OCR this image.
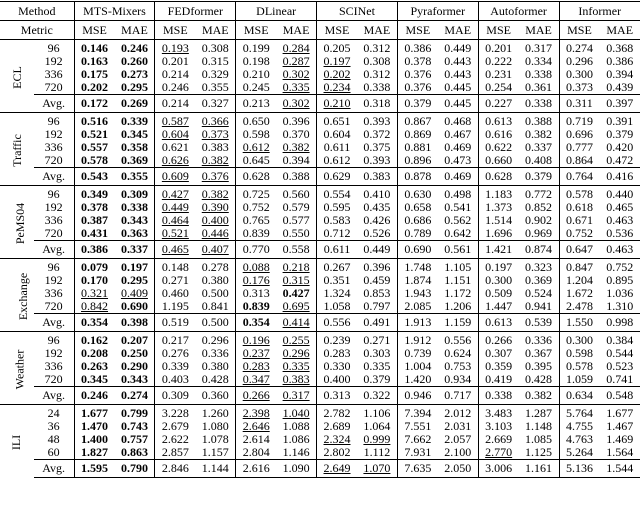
Method		MTS-Mixers		FEDformer		DLinear		SCINet		Pyraformer		Autoformer		Informer	
Metric		MSE	MAE	MSE	MAE	MSE	MAE	MSE	MAE	MSE	MAE	MSE	MAE	MSE	MAE
ECL	96	0.146	0.246	0.193	0.308	0.199	0.284	0.205	0.312	0.386	0.449	0.201	0.317	0.274	0.368
	192	0.163	0.260	0.201	0.315	0.198	0.287	0.197	0.308	0.378	0.443	0.222	0.334	0.296	0.386
	336	0.175	0.273	0.214	0.329	0.210	0.302	0.202	0.312	0.376	0.443	0.231	0.338	0.300	0.394
	720	0.202	0.295	0.246	0.355	0.245	0.335	0.234	0.338	0.376	0.445	0.254	0.361	0.373	0.439
	Avg.	0.172	0.269	0.214	0.327	0.213	0.302	0.210	0.318	0.379	0.445	0.227	0.338	0.311	0.397
Traffic	96	0.516	0.339	0.587	0.366	0.650	0.396	0.651	0.393	0.867	0.468	0.613	0.388	0.719	0.391
	192	0.521	0.345	0.604	0.373	0.598	0.370	0.604	0.372	0.869	0.467	0.616	0.382	0.696	0.379
	336	0.557	0.358	0.621	0.383	0.612	0.382	0.611	0.375	0.881	0.469	0.622	0.337	0.777	0.420
	720	0.578	0.369	0.626	0.382	0.645	0.394	0.612	0.393	0.896	0.473	0.660	0.408	0.864	0.472
	Avg.	0.543	0.355	0.609	0.376	0.628	0.388	0.629	0.383	0.878	0.469	0.628	0.379	0.764	0.416
PeMS04	96	0.349	0.309	0.427	0.382	0.725	0.560	0.554	0.410	0.630	0.498	1.183	0.772	0.578	0.440
	192	0.378	0.338	0.449	0.390	0.752	0.579	0.595	0.435	0.658	0.541	1.373	0.852	0.618	0.465
	336	0.387	0.343	0.464	0.400	0.765	0.577	0.583	0.426	0.686	0.562	1.514	0.902	0.671	0.463
	720	0.431	0.363	0.521	0.446	0.839	0.550	0.712	0.526	0.789	0.642	1.696	0.969	0.752	0.536
	Avg.	0.386	0.337	0.465	0.407	0.770	0.558	0.611	0.449	0.690	0.561	1.421	0.874	0.647	0.463
Exchange	96	0.079	0.197	0.148	0.278	0.088	0.218	0.267	0.396	1.748	1.105	0.197	0.323	0.847	0.752
	192	0.170	0.295	0.271	0.380	0.176	0.315	0.351	0.459	1.874	1.151	0.300	0.369	1.204	0.895
	336	0.321	0.409	0.460	0.500	0.313	0.427	1.324	0.853	1.943	1.172	0.509	0.524	1.672	1.036
	720	0.842	0.690	1.195	0.841	0.839	0.695	1.058	0.797	2.085	1.206	1.447	0.941	2.478	1.310
	Avg.	0.354	0.398	0.519	0.500	0.354	0.414	0.556	0.491	1.913	1.159	0.613	0.539	1.550	0.998
Weather	96	0.162	0.207	0.217	0.296	0.196	0.255	0.239	0.271	1.912	0.556	0.266	0.336	0.300	0.384
	192	0.208	0.250	0.276	0.336	0.237	0.296	0.283	0.303	0.739	0.624	0.307	0.367	0.598	0.544
	336	0.263	0.290	0.339	0.380	0.283	0.335	0.330	0.335	1.004	0.753	0.359	0.395	0.578	0.523
	720	0.345	0.343	0.403	0.428	0.347	0.383	0.400	0.379	1.420	0.934	0.419	0.428	1.059	0.741
	Avg.	0.246	0.274	0.309	0.360	0.266	0.317	0.313	0.322	0.946	0.717	0.338	0.382	0.634	0.548
ILI	24	1.677	0.799	3.228	1.260	2.398	1.040	2.782	1.106	7.394	2.012	3.483	1.287	5.764	1.677
	36	1.470	0.743	2.679	1.080	2.646	1.088	2.689	1.064	7.551	2.031	3.103	1.148	4.755	1.467
	48	1.400	0.757	2.622	1.078	2.614	1.086	2.324	0.999	7.662	2.057	2.669	1.085	4.763	1.469
	60	1.827	0.863	2.857	1.157	2.804	1.146	2.802	1.112	7.931	2.100	2.770	1.125	5.264	1.564
	Avg.	1.595	0.790	2.846	1.144	2.616	1.090	2.649	1.070	7.635	2.050	3.006	1.161	5.136	1.544
